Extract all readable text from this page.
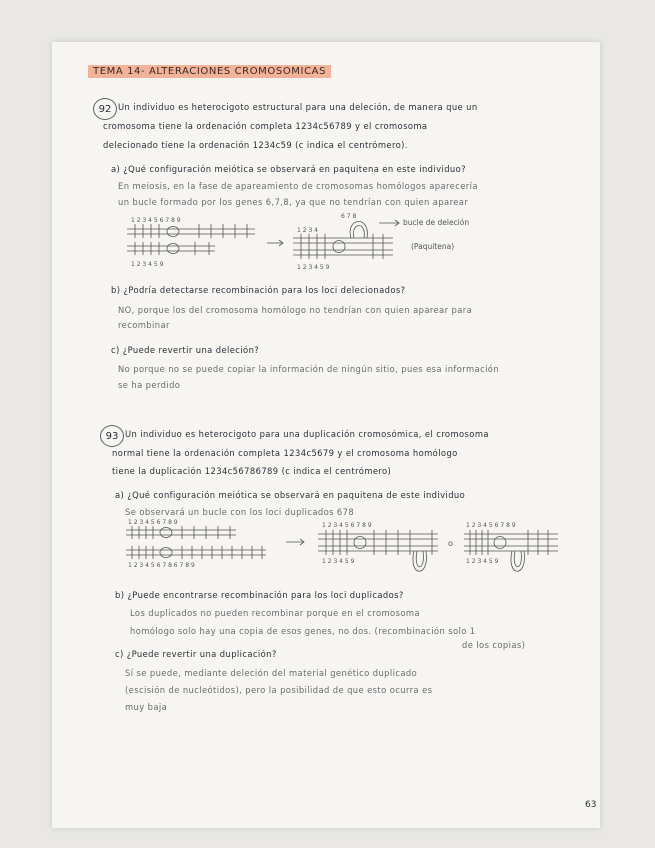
TEMA 14- ALTERACIONES CROMOSOMICAS
92 Un individuo es heterocigoto estructural para una deleción, de manera que un
cromosoma tiene la ordenación completa 1234c56789 y el cromosoma
delecionado tiene la ordenación 1234c59 (c indica el centrómero).
a) ¿Qué configuración meiótica se observará en paquitena en este individuo?
En meiosis, en la fase de apareamiento de cromosomas homólogos aparecería
un bucle formado por los genes 6,7,8, ya que no tendrían con quien aparear
1 2 3 4 5 6 7 8 9
1 2 3 4 5 9
1 2 3 4
1 2 3 4 5 9
6 7 8
bucle de deleción
(Paquitena)
b) ¿Podría detectarse recombinación para los loci delecionados?
NO, porque los del cromosoma homólogo no tendrían con quien aparear para
recombinar
c) ¿Puede revertir una deleción?
No porque no se puede copiar la información de ningún sitio, pues esa información
se ha perdido
93 Un individuo es heterocigoto para una duplicación cromosómica, el cromosoma
normal tiene la ordenación completa 1234c5679 y el cromosoma homólogo
tiene la duplicación 1234c56786789 (c indica el centrómero)
a) ¿Qué configuración meiótica se observará en paquitena de este individuo
Se observará un bucle con los loci duplicados 678
1 2 3 4 5 6 7 8 9
1 2 3 4 5 6 7 8 6 7 8 9
1 2 3 4 5 6 7 8 9
1 2 3 4 5 9
1 2 3 4 5 6 7 8 9
1 2 3 4 5 9
o
b) ¿Puede encontrarse recombinación para los loci duplicados?
Los duplicados no pueden recombinar porque en el cromosoma
homólogo solo hay una copia de esos genes, no dos. (recombinación solo 1
de los copias)
c) ¿Puede revertir una duplicación?
Sí se puede, mediante deleción del material genético duplicado
(escisión de nucleótidos), pero la posibilidad de que esto ocurra es
muy baja
63
